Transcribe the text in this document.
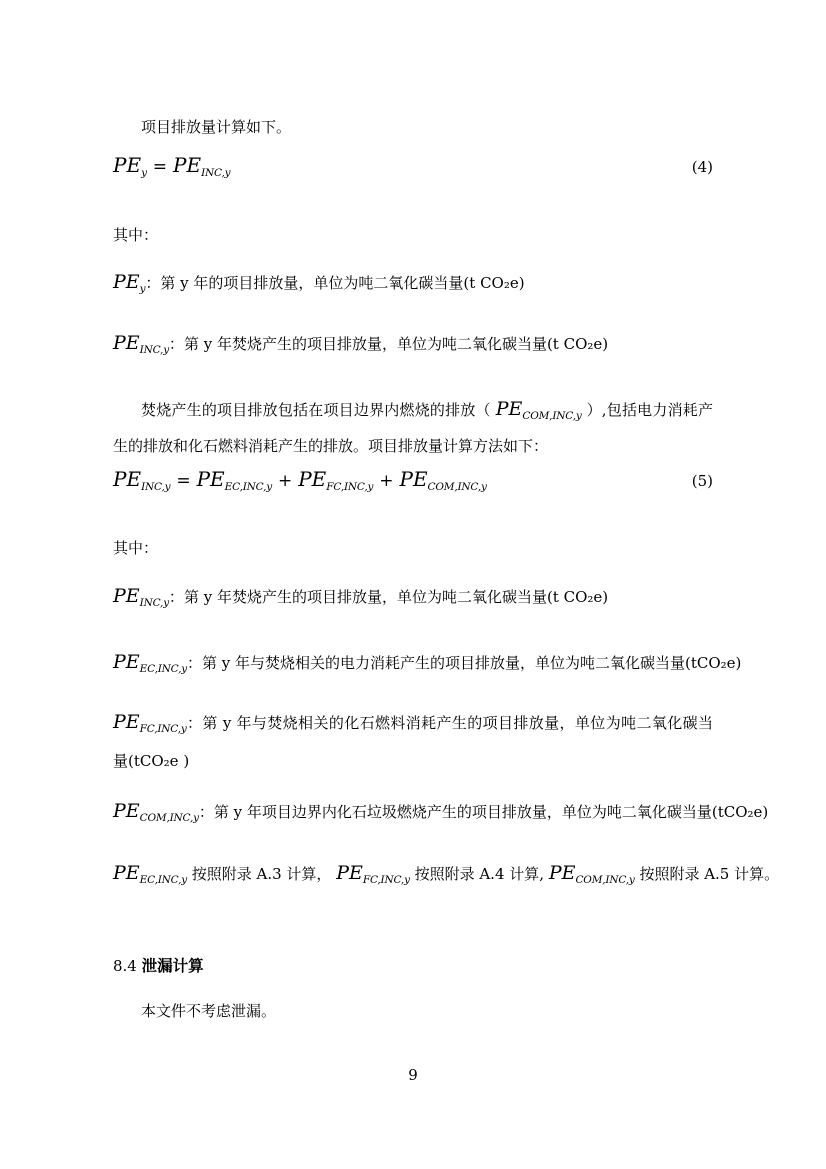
项目排放量计算如下。

$PE_y = PE_{INC,y}$	(4)

其中：

$PE_y$：第 y 年的项目排放量，单位为吨二氧化碳当量(t CO₂e)

$PE_{INC,y}$：第 y 年焚烧产生的项目排放量，单位为吨二氧化碳当量(t CO₂e)

焚烧产生的项目排放包括在项目边界内燃烧的排放（ $PE_{COM,INC,y}$ ）,包括电力消耗产生的排放和化石燃料消耗产生的排放。项目排放量计算方法如下：

$PE_{INC,y} = PE_{EC,INC,y} + PE_{FC,INC,y} + PE_{COM,INC,y}$	(5)

其中：

$PE_{INC,y}$：第 y 年焚烧产生的项目排放量，单位为吨二氧化碳当量(t CO₂e)

$PE_{EC,INC,y}$：第 y 年与焚烧相关的电力消耗产生的项目排放量，单位为吨二氧化碳当量(tCO₂e)

$PE_{FC,INC,y}$：第 y 年与焚烧相关的化石燃料消耗产生的项目排放量，单位为吨二氧化碳当量(tCO₂e )

$PE_{COM,INC,y}$：第 y 年项目边界内化石垃圾燃烧产生的项目排放量，单位为吨二氧化碳当量(tCO₂e)

$PE_{EC,INC,y}$ 按照附录 A.3 计算， $PE_{FC,INC,y}$ 按照附录 A.4 计算, $PE_{COM,INC,y}$ 按照附录 A.5 计算。

8.4 泄漏计算

本文件不考虑泄漏。

9
